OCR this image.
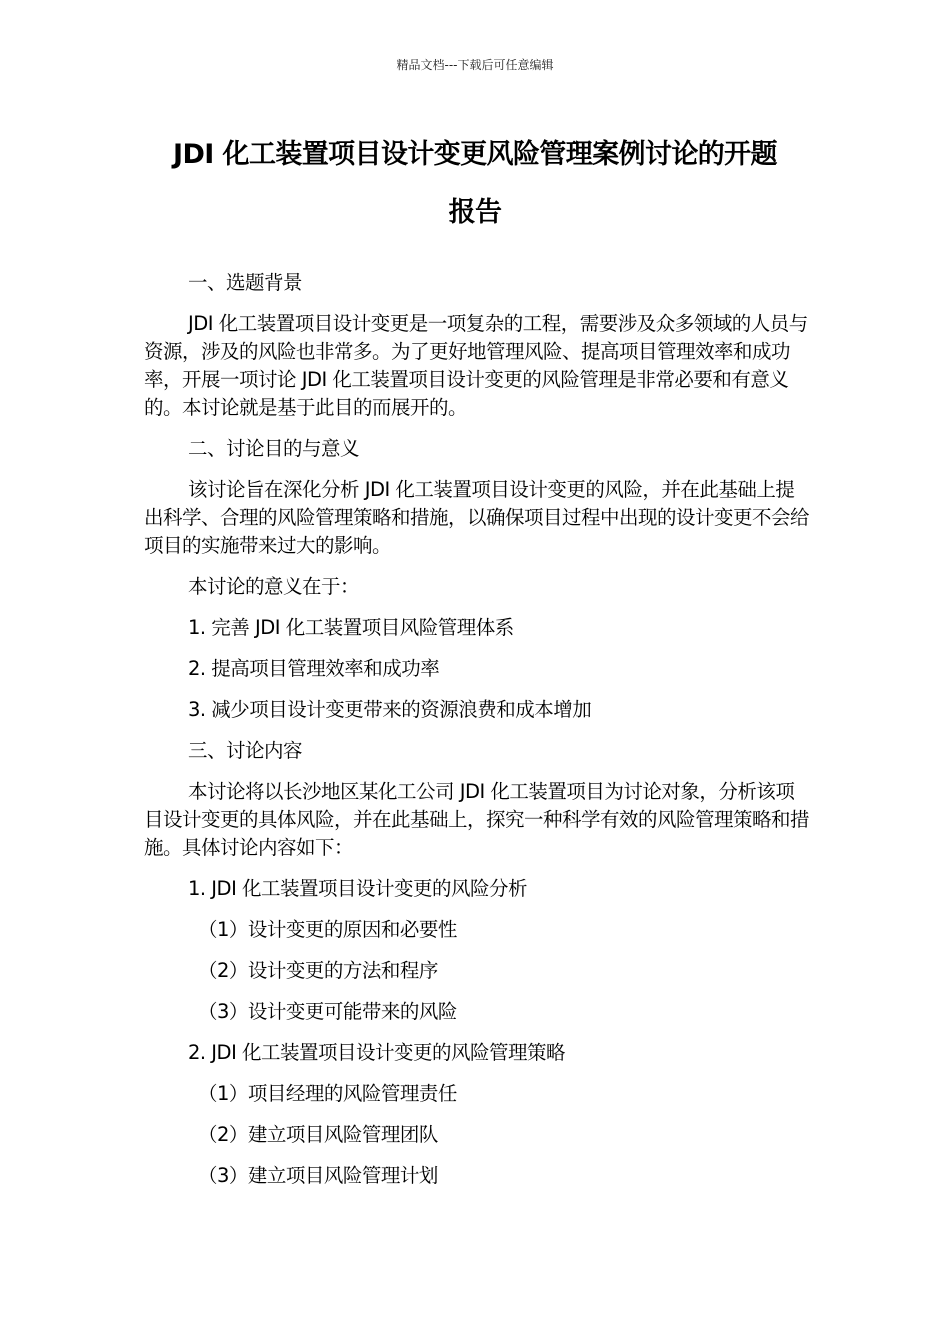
精品文档---下载后可任意编辑
JDI 化工装置项目设计变更风险管理案例讨论的开题
报告
一、选题背景
JDI 化工装置项目设计变更是一项复杂的工程，需要涉及众多领域的人员与资源，涉及的风险也非常多。为了更好地管理风险、提高项目管理效率和成功率，开展一项讨论 JDI 化工装置项目设计变更的风险管理是非常必要和有意义的。本讨论就是基于此目的而展开的。
二、讨论目的与意义
该讨论旨在深化分析 JDI 化工装置项目设计变更的风险，并在此基础上提出科学、合理的风险管理策略和措施，以确保项目过程中出现的设计变更不会给项目的实施带来过大的影响。
本讨论的意义在于：
1. 完善 JDI 化工装置项目风险管理体系
2. 提高项目管理效率和成功率
3. 减少项目设计变更带来的资源浪费和成本增加
三、讨论内容
本讨论将以长沙地区某化工公司 JDI 化工装置项目为讨论对象，分析该项目设计变更的具体风险，并在此基础上，探究一种科学有效的风险管理策略和措施。具体讨论内容如下：
1. JDI 化工装置项目设计变更的风险分析
（1）设计变更的原因和必要性
（2）设计变更的方法和程序
（3）设计变更可能带来的风险
2. JDI 化工装置项目设计变更的风险管理策略
（1）项目经理的风险管理责任
（2）建立项目风险管理团队
（3）建立项目风险管理计划
